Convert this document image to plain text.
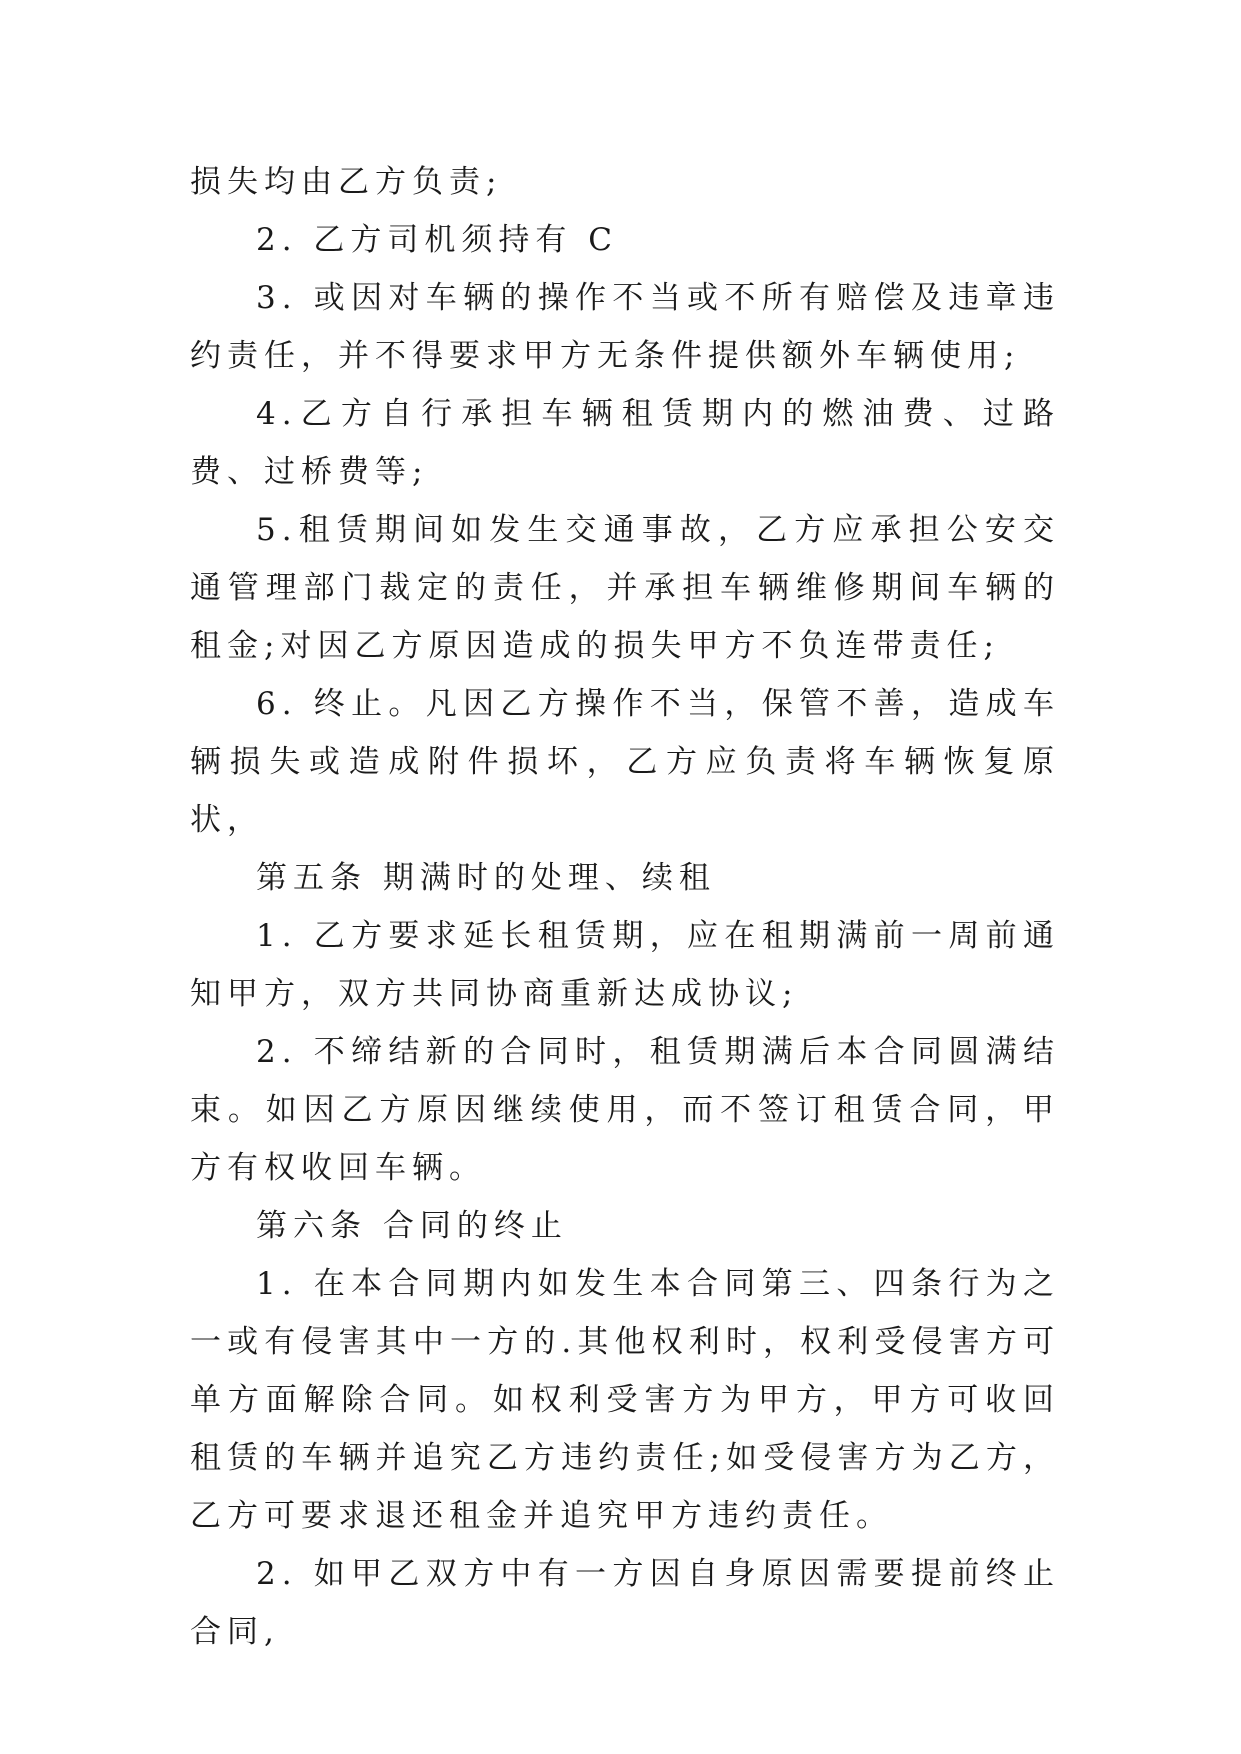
损失均由乙方负责;

2. 乙方司机须持有 C

3. 或因对车辆的操作不当或不所有赔偿及违章违约责任，并不得要求甲方无条件提供额外车辆使用;

4.乙方自行承担车辆租赁期内的燃油费、过路费、过桥费等;

5.租赁期间如发生交通事故，乙方应承担公安交通管理部门裁定的责任，并承担车辆维修期间车辆的租金;对因乙方原因造成的损失甲方不负连带责任;

6. 终止。凡因乙方操作不当，保管不善，造成车辆损失或造成附件损坏，乙方应负责将车辆恢复原状，

第五条 期满时的处理、续租

1. 乙方要求延长租赁期，应在租期满前一周前通知甲方，双方共同协商重新达成协议;

2. 不缔结新的合同时，租赁期满后本合同圆满结束。如因乙方原因继续使用，而不签订租赁合同，甲方有权收回车辆。

第六条 合同的终止

1. 在本合同期内如发生本合同第三、四条行为之一或有侵害其中一方的.其他权利时，权利受侵害方可单方面解除合同。如权利受害方为甲方，甲方可收回租赁的车辆并追究乙方违约责任;如受侵害方为乙方，乙方可要求退还租金并追究甲方违约责任。

2. 如甲乙双方中有一方因自身原因需要提前终止合同,
